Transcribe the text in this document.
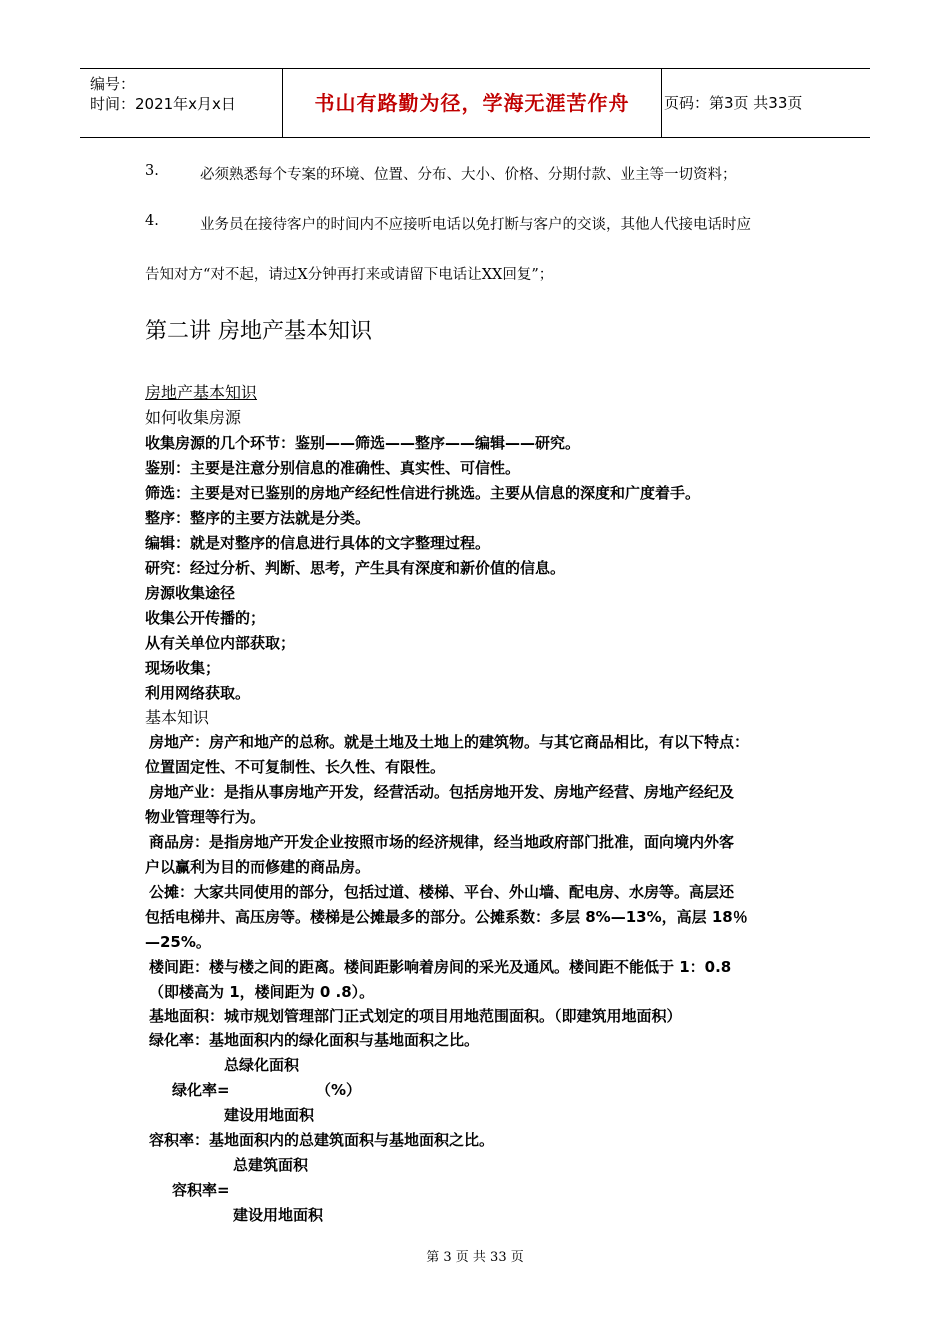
编号：
时间：2021年x月x日	书山有路勤为径，学海无涯苦作舟	页码：第3页 共33页
3.	必须熟悉每个专案的环境、位置、分布、大小、价格、分期付款、业主等一切资料；
4.	业务员在接待客户的时间内不应接听电话以免打断与客户的交谈，其他人代接电话时应
告知对方“对不起，请过X分钟再打来或请留下电话让XX回复”；
第二讲 房地产基本知识
房地产基本知识
如何收集房源
收集房源的几个环节：鉴别——筛选——整序——编辑——研究。
鉴别：主要是注意分别信息的准确性、真实性、可信性。
筛选：主要是对已鉴别的房地产经纪性信进行挑选。主要从信息的深度和广度着手。
整序：整序的主要方法就是分类。
编辑：就是对整序的信息进行具体的文字整理过程。
研究：经过分析、判断、思考，产生具有深度和新价值的信息。
房源收集途径
收集公开传播的；
从有关单位内部获取；
现场收集；
利用网络获取。
基本知识
房地产：房产和地产的总称。就是土地及土地上的建筑物。与其它商品相比，有以下特点：
位置固定性、不可复制性、长久性、有限性。
房地产业：是指从事房地产开发，经营活动。包括房地开发、房地产经营、房地产经纪及
物业管理等行为。
商品房：是指房地产开发企业按照市场的经济规律，经当地政府部门批准，面向境内外客
户以赢利为目的而修建的商品房。
公摊：大家共同使用的部分，包括过道、楼梯、平台、外山墙、配电房、水房等。高层还
包括电梯井、高压房等。楼梯是公摊最多的部分。公摊系数：多层 8%—13%，高层 18％
—25%。
楼间距：楼与楼之间的距离。楼间距影响着房间的采光及通风。楼间距不能低于 1：0.8
（即楼高为 1，楼间距为 0 .8）。
基地面积：城市规划管理部门正式划定的项目用地范围面积。（即建筑用地面积）
绿化率：基地面积内的绿化面积与基地面积之比。
总绿化面积
绿化率=	（%）
建设用地面积
容积率：基地面积内的总建筑面积与基地面积之比。
总建筑面积
容积率=
建设用地面积
第 3 页 共 33 页
